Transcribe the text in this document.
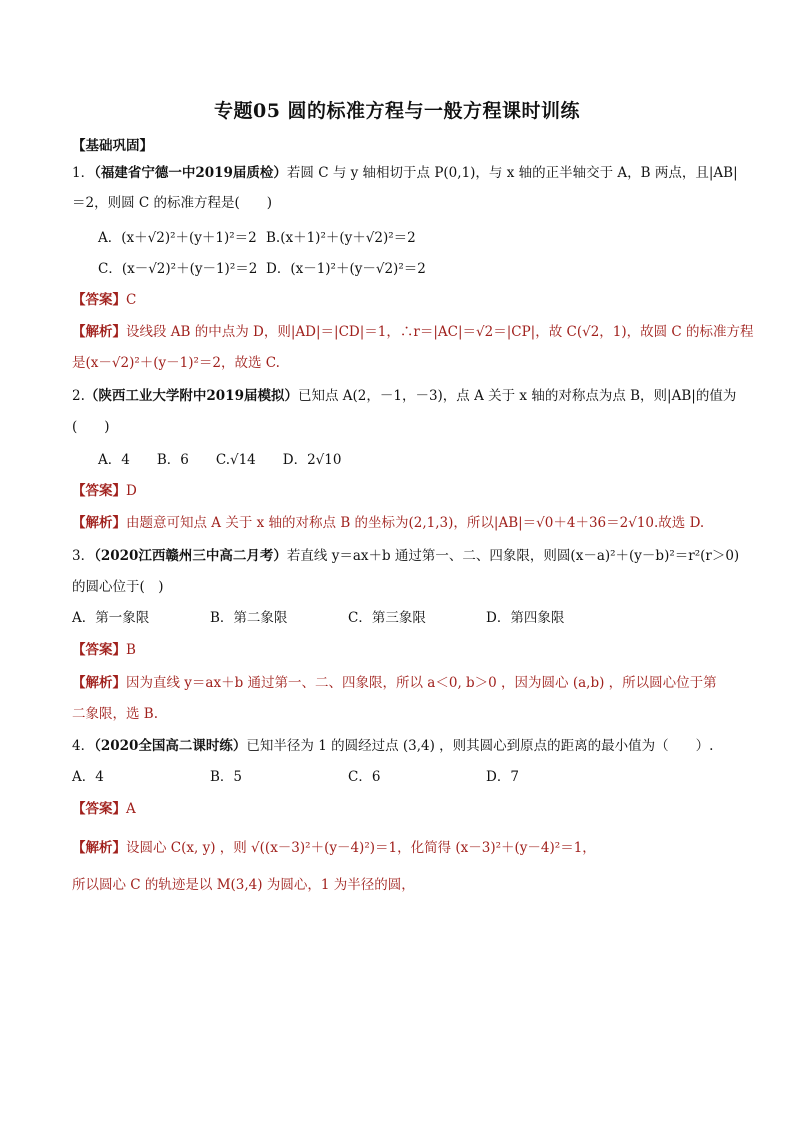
专题05 圆的标准方程与一般方程课时训练
【基础巩固】
1．（福建省宁德一中2019届质检）若圆 C 与 y 轴相切于点 P(0,1)，与 x 轴的正半轴交于 A，B 两点，且|AB|
＝2，则圆 C 的标准方程是(　　)
A．(x＋√2)²＋(y＋1)²＝2 B.(x＋1)²＋(y＋√2)²＝2
C．(x－√2)²＋(y－1)²＝2 D．(x－1)²＋(y－√2)²＝2
【答案】C
【解析】设线段 AB 的中点为 D，则|AD|＝|CD|＝1，∴r＝|AC|＝√2＝|CP|，故 C(√2，1)，故圆 C 的标准方程
是(x－√2)²＋(y－1)²＝2，故选 C.
2.（陕西工业大学附中2019届模拟）已知点 A(2，－1，－3)，点 A 关于 x 轴的对称点为点 B，则|AB|的值为
(　　)
A．4　　B．6　　C.√14　　D．2√10
【答案】D
【解析】由题意可知点 A 关于 x 轴的对称点 B 的坐标为(2,1,3)，所以|AB|＝√0＋4＋36＝2√10.故选 D.
3．（2020江西赣州三中高二月考）若直线 y＝ax＋b 通过第一、二、四象限，则圆(x－a)²＋(y－b)²＝r²(r＞0)
的圆心位于(　)
A．第一象限	B．第二象限	C．第三象限	D．第四象限
【答案】B
【解析】因为直线 y＝ax＋b 通过第一、二、四象限，所以 a＜0, b＞0 ，因为圆心 (a,b) ，所以圆心位于第
二象限，选 B.
4．（2020全国高二课时练）已知半径为 1 的圆经过点 (3,4) ，则其圆心到原点的距离的最小值为（　　）.
A．4	B．5	C．6	D．7
【答案】A
【解析】设圆心 C(x, y) ，则 √((x－3)²＋(y－4)²)＝1，化简得 (x－3)²＋(y－4)²＝1，
所以圆心 C 的轨迹是以 M(3,4) 为圆心，1 为半径的圆，
